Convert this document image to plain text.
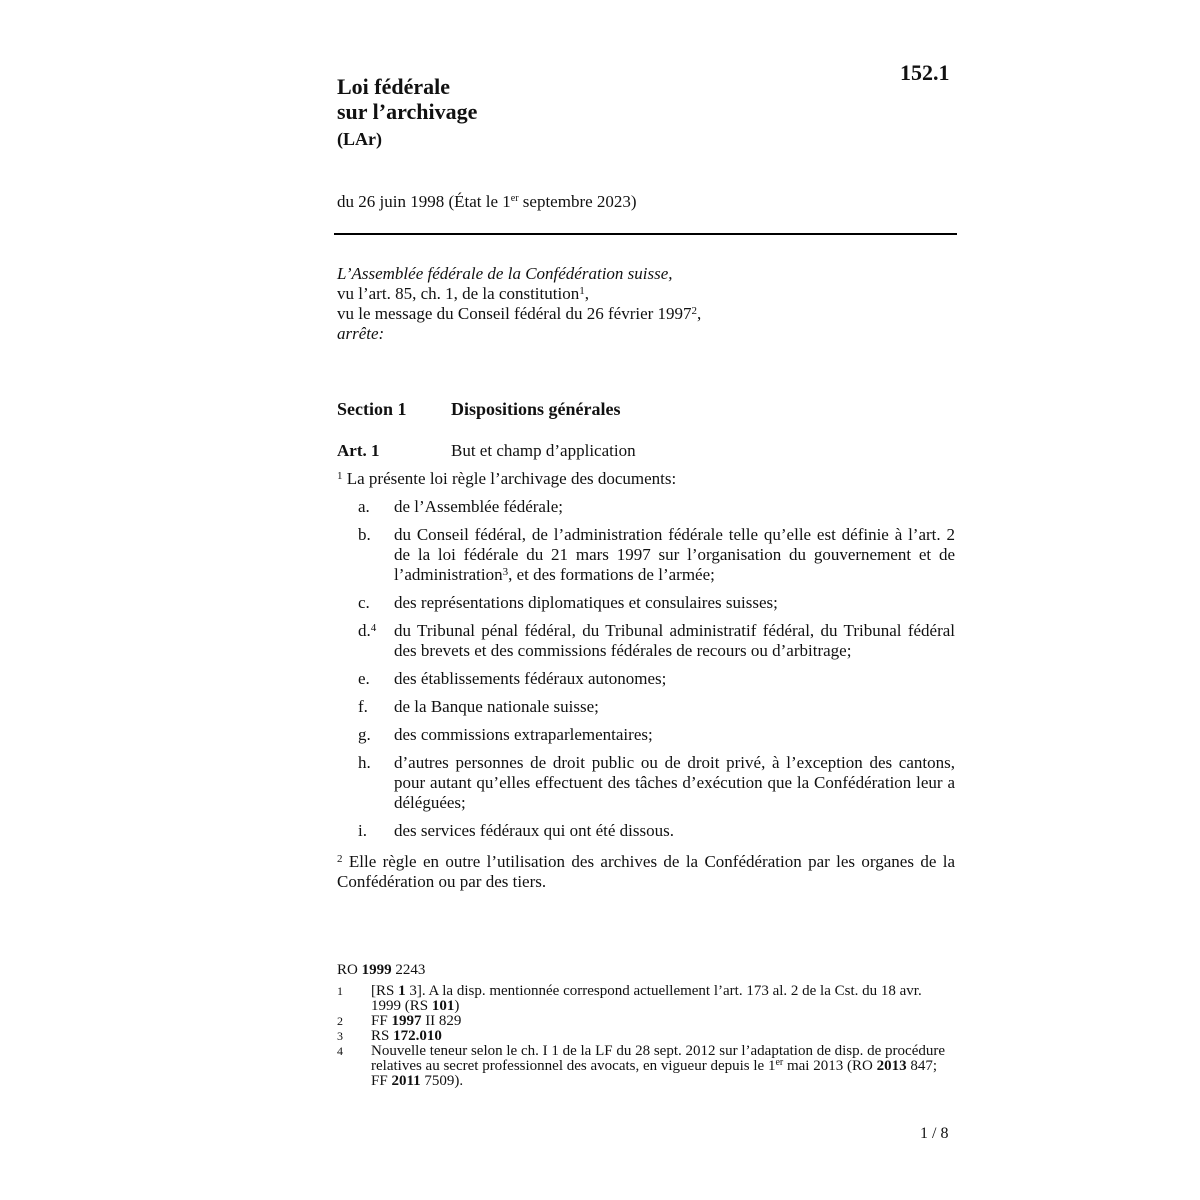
152.1
Loi fédérale
sur l’archivage
(LAr)
du 26 juin 1998 (État le 1er septembre 2023)

L’Assemblée fédérale de la Confédération suisse,

vu l’art. 85, ch. 1, de la constitution$^1$,

vu le message du Conseil fédéral du 26 février 1997$^2$,

arrête:

Section 1 Dispositions générales
Art. 1	But et champ d’application
$^1$ La présente loi règle l’archivage des documents:
a.	de l’Assemblée fédérale;
b.	du Conseil fédéral, de l’administration fédérale telle qu’elle est définie à l’art. 2 de la loi fédérale du 21 mars 1997 sur l’organisation du gouvernement et de l’administration$^3$, et des formations de l’armée;
c.	des représentations diplomatiques et consulaires suisses;
d.$^4$	du Tribunal pénal fédéral, du Tribunal administratif fédéral, du Tribunal fédéral des brevets et des commissions fédérales de recours ou d’arbitrage;
e.	des établissements fédéraux autonomes;
f.	de la Banque nationale suisse;
g.	des commissions extraparlementaires;
h.	d’autres personnes de droit public ou de droit privé, à l’exception des cantons, pour autant qu’elles effectuent des tâches d’exécution que la Confédération leur a déléguées;
i.	des services fédéraux qui ont été dissous.
$^2$ Elle règle en outre l’utilisation des archives de la Confédération par les organes de la Confédération ou par des tiers.
RO 1999 2243
1	[RS 1 3]. A la disp. mentionnée correspond actuellement l’art. 173 al. 2 de la Cst. du 18 avr. 1999 (RS 101)
2	FF 1997 II 829
3	RS 172.010
4	Nouvelle teneur selon le ch. I 1 de la LF du 28 sept. 2012 sur l’adaptation de disp. de procédure relatives au secret professionnel des avocats, en vigueur depuis le 1er mai 2013 (RO 2013 847; FF 2011 7509).
1 / 8
